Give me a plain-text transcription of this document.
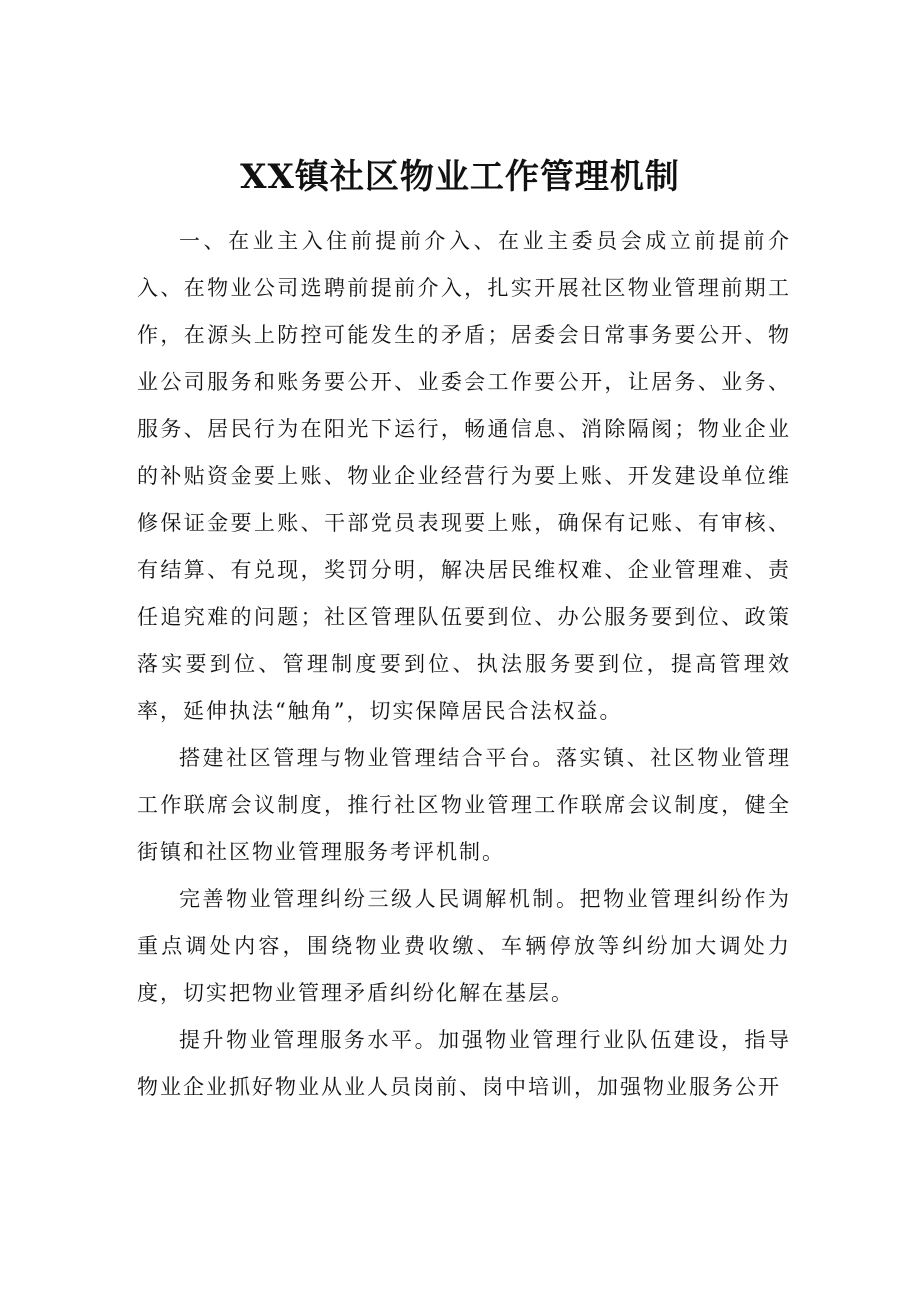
XX镇社区物业工作管理机制

一、在业主入住前提前介入、在业主委员会成立前提前介入、在物业公司选聘前提前介入，扎实开展社区物业管理前期工作，在源头上防控可能发生的矛盾；居委会日常事务要公开、物业公司服务和账务要公开、业委会工作要公开，让居务、业务、服务、居民行为在阳光下运行，畅通信息、消除隔阂；物业企业的补贴资金要上账、物业企业经营行为要上账、开发建设单位维修保证金要上账、干部党员表现要上账，确保有记账、有审核、有结算、有兑现，奖罚分明，解决居民维权难、企业管理难、责任追究难的问题；社区管理队伍要到位、办公服务要到位、政策落实要到位、管理制度要到位、执法服务要到位，提高管理效率，延伸执法“触角”，切实保障居民合法权益。

搭建社区管理与物业管理结合平台。落实镇、社区物业管理工作联席会议制度，推行社区物业管理工作联席会议制度，健全街镇和社区物业管理服务考评机制。

完善物业管理纠纷三级人民调解机制。把物业管理纠纷作为重点调处内容，围绕物业费收缴、车辆停放等纠纷加大调处力度，切实把物业管理矛盾纠纷化解在基层。

提升物业管理服务水平。加强物业管理行业队伍建设，指导物业企业抓好物业从业人员岗前、岗中培训，加强物业服务公开
